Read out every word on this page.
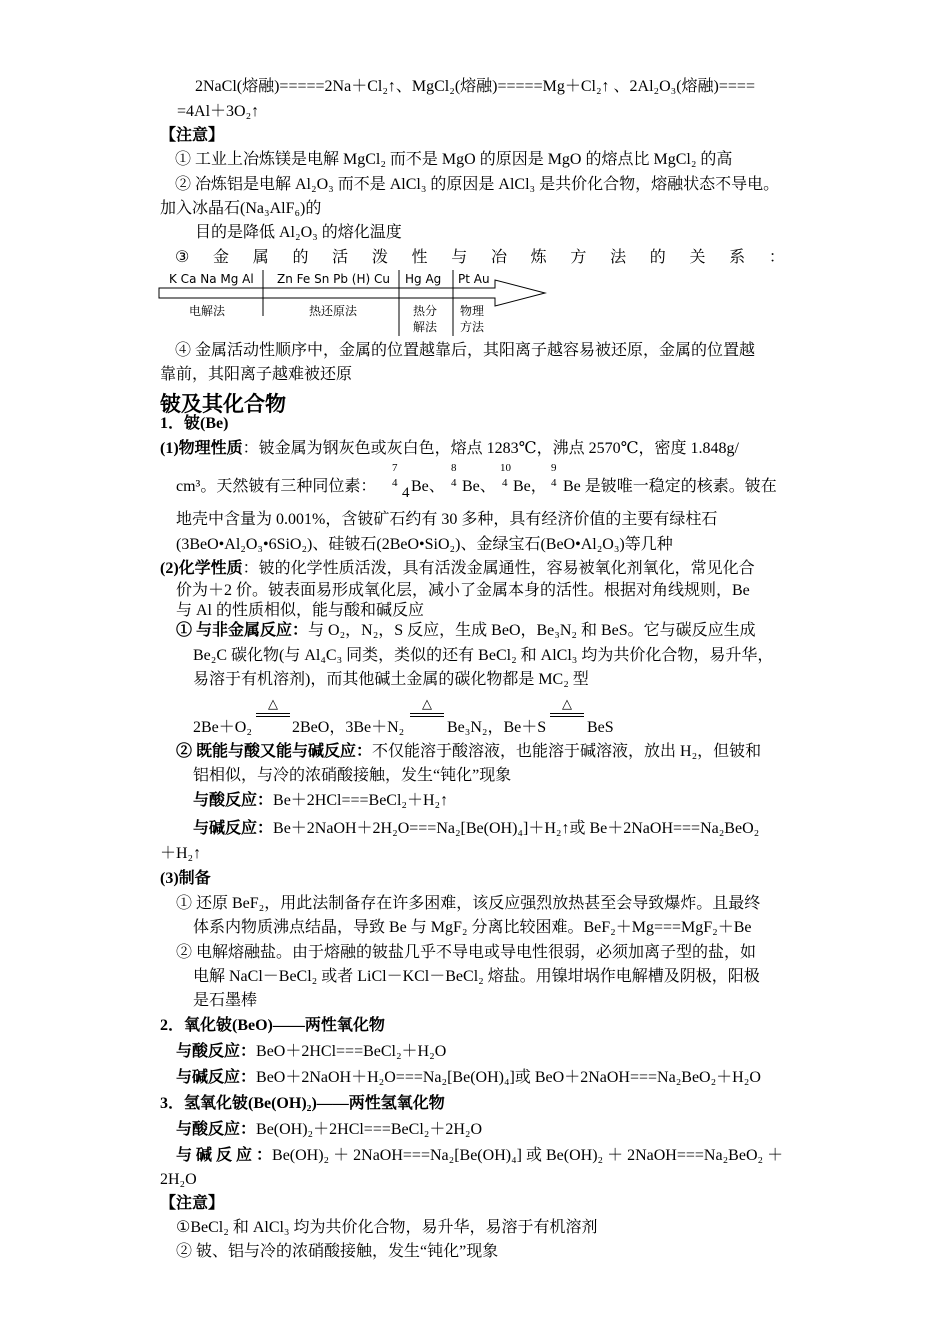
2NaCl(熔融)=====2Na＋Cl₂↑、MgCl₂(熔融)=====Mg＋Cl₂↑ 、2Al₂O₃(熔融)====
=4Al＋3O₂↑
【注意】
① 工业上冶炼镁是电解 MgCl₂ 而不是 MgO 的原因是 MgO 的熔点比 MgCl₂ 的高
② 冶炼铝是电解 Al₂O₃ 而不是 AlCl₃ 的原因是 AlCl₃ 是共价化合物，熔融状态不导电。
加入冰晶石(Na₃AlF₆)的
目的是降低 Al₂O₃ 的熔化温度
③ 金 属 的 活 泼 性 与 冶 炼 方 法 的 关 系 ：
K Ca Na Mg Al Zn Fe Sn Pb (H) Cu Hg Ag Pt Au
电解法	热还原法	热分
解法
物理
方法
④ 金属活动性顺序中，金属的位置越靠后，其阳离子越容易被还原，金属的位置越
靠前，其阳离子越难被还原
铍及其化合物
1．铍(Be)
(1)物理性质：铍金属为钢灰色或灰白色，熔点 1283℃，沸点 2570℃，密度 1.848g/
cm³。天然铍有三种同位素：
7
4
4 Be、
8
4 Be、
10
4 Be，
9
4 Be 是铍唯一稳定的核素。铍在
地壳中含量为 0.001%，含铍矿石约有 30 多种，具有经济价值的主要有绿柱石
(3BeO•Al₂O₃•6SiO₂)、硅铍石(2BeO•SiO₂)、金绿宝石(BeO•Al₂O₃)等几种
(2)化学性质：铍的化学性质活泼，具有活泼金属通性，容易被氧化剂氧化，常见化合
价为＋2 价。铍表面易形成氧化层，减小了金属本身的活性。根据对角线规则，Be
与 Al 的性质相似，能与酸和碱反应
① 与非金属反应：与 O₂，N₂，S 反应，生成 BeO，Be₃N₂ 和 BeS。它与碳反应生成
Be₂C 碳化物(与 Al₄C₃ 同类，类似的还有 BeCl₂ 和 AlCl₃ 均为共价化合物，易升华，
易溶于有机溶剂)，而其他碱土金属的碳化物都是 MC₂ 型
2Be＋O₂
△
2BeO，3Be＋N₂
△
Be₃N₂，Be＋S
△
BeS
② 既能与酸又能与碱反应：不仅能溶于酸溶液，也能溶于碱溶液，放出 H₂，但铍和
铝相似，与冷的浓硝酸接触，发生“钝化”现象
与酸反应：Be＋2HCl===BeCl₂＋H₂↑
与碱反应：Be＋2NaOH＋2H₂O===Na₂[Be(OH)₄]＋H₂↑或 Be＋2NaOH===Na₂BeO₂
＋H₂↑
(3)制备
① 还原 BeF₂，用此法制备存在许多困难，该反应强烈放热甚至会导致爆炸。且最终
体系内物质沸点结晶，导致 Be 与 MgF₂ 分离比较困难。BeF₂＋Mg===MgF₂＋Be
② 电解熔融盐。由于熔融的铍盐几乎不导电或导电性很弱，必须加离子型的盐，如
电解 NaCl－BeCl₂ 或者 LiCl－KCl－BeCl₂ 熔盐。用镍坩埚作电解槽及阴极，阳极
是石墨棒
2．氧化铍(BeO)——两性氧化物
与酸反应：BeO＋2HCl===BeCl₂＋H₂O
与碱反应：BeO＋2NaOH＋H₂O===Na₂[Be(OH)₄]或 BeO＋2NaOH===Na₂BeO₂＋H₂O
3．氢氧化铍(Be(OH)₂)——两性氢氧化物
与酸反应：Be(OH)₂＋2HCl===BeCl₂＋2H₂O
与 碱 反 应 ：Be(OH)₂ ＋ 2NaOH===Na₂[Be(OH)₄] 或 Be(OH)₂ ＋ 2NaOH===Na₂BeO₂ ＋
2H₂O
【注意】
①BeCl₂ 和 AlCl₃ 均为共价化合物，易升华，易溶于有机溶剂
② 铍、铝与冷的浓硝酸接触，发生“钝化”现象
